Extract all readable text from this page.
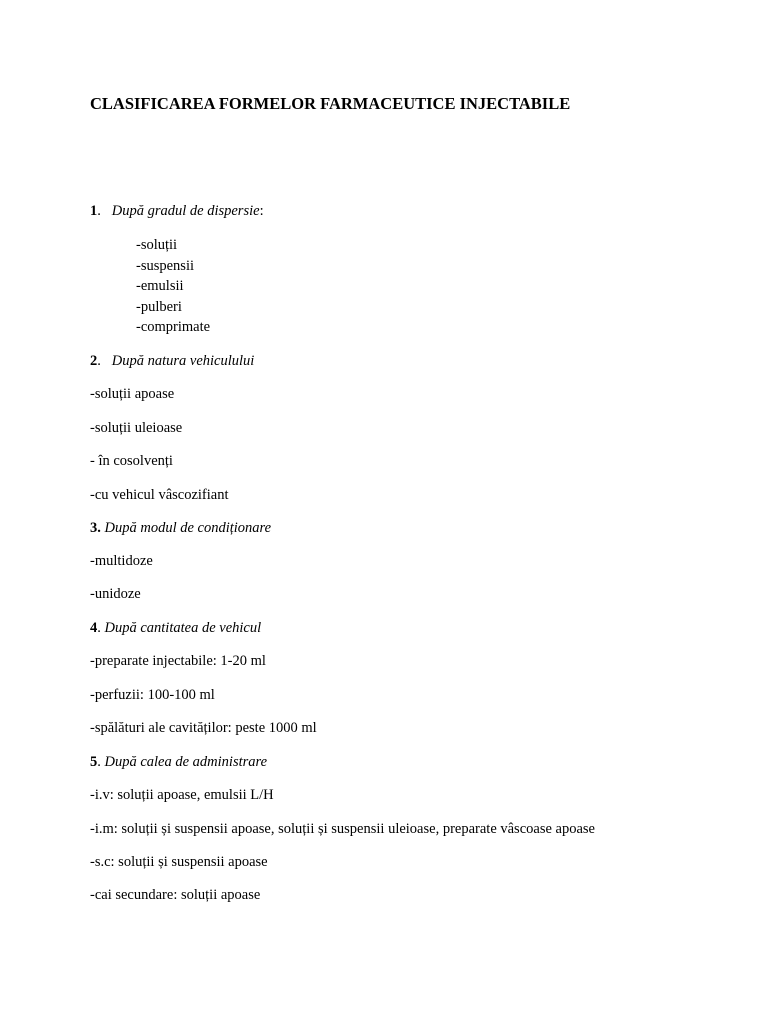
CLASIFICAREA FORMELOR FARMACEUTICE INJECTABILE
1. După gradul de dispersie:
-soluții
-suspensii
-emulsii
-pulberi
-comprimate
2. După natura vehiculului
-soluții apoase
-soluții uleioase
- în cosolvenți
-cu vehicul vâscozifiant
3. După modul de condiționare
-multidoze
-unidoze
4. După cantitatea de vehicul
-preparate injectabile: 1-20 ml
-perfuzii: 100-100 ml
-spălături ale cavităților: peste 1000 ml
5. După calea de administrare
-i.v: soluții apoase, emulsii L/H
-i.m: soluții și suspensii apoase, soluții și suspensii uleioase, preparate vâscoase apoase
-s.c: soluții și suspensii apoase
-cai secundare: soluții apoase
